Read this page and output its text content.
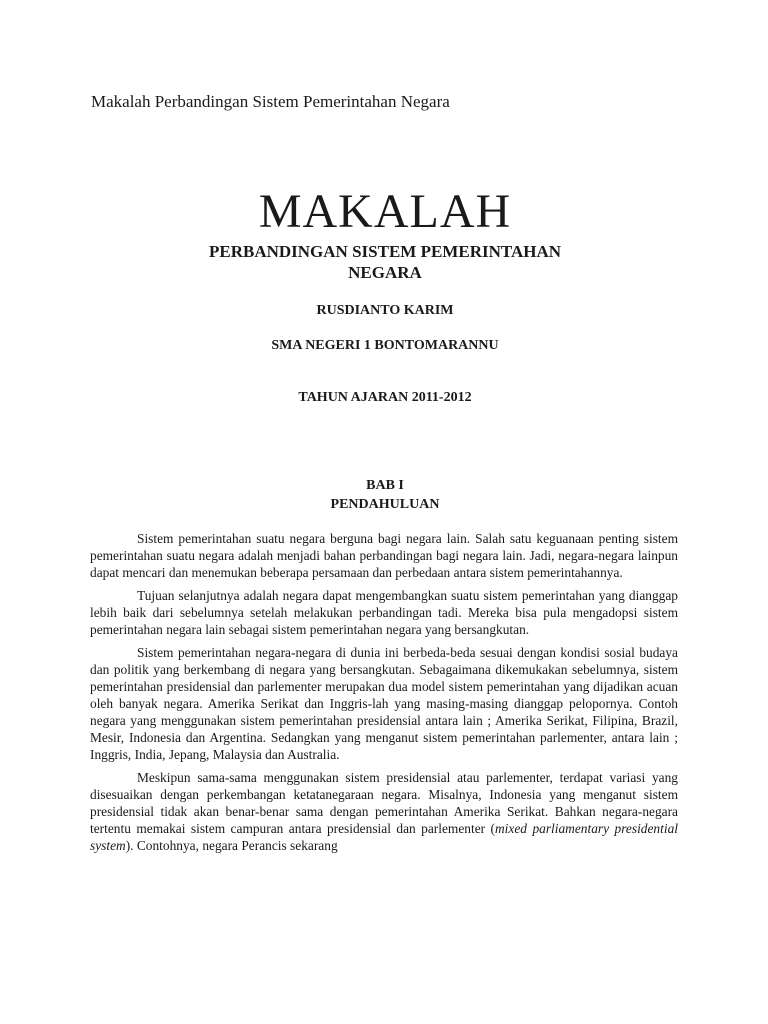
Makalah Perbandingan Sistem Pemerintahan Negara
MAKALAH
PERBANDINGAN SISTEM PEMERINTAHAN
NEGARA
RUSDIANTO KARIM
SMA NEGERI 1 BONTOMARANNU
TAHUN AJARAN 2011-2012
BAB I
PENDAHULUAN

Sistem pemerintahan suatu negara berguna bagi negara lain. Salah satu keguanaan penting sistem pemerintahan suatu negara adalah menjadi bahan perbandingan bagi negara lain. Jadi, negara-negara lainpun dapat mencari dan menemukan beberapa persamaan dan perbedaan antara sistem pemerintahannya.

Tujuan selanjutnya adalah negara dapat mengembangkan suatu sistem pemerintahan yang dianggap lebih baik dari sebelumnya setelah melakukan perbandingan tadi. Mereka bisa pula mengadopsi sistem pemerintahan negara lain sebagai sistem pemerintahan negara yang bersangkutan.

Sistem pemerintahan negara-negara di dunia ini berbeda-beda sesuai dengan kondisi sosial budaya dan politik yang berkembang di negara yang bersangkutan. Sebagaimana dikemukakan sebelumnya, sistem pemerintahan presidensial dan parlementer merupakan dua model sistem pemerintahan yang dijadikan acuan oleh banyak negara. Amerika Serikat dan Inggris-lah yang masing-masing dianggap pelopornya. Contoh negara yang menggunakan sistem pemerintahan presidensial antara lain ; Amerika Serikat, Filipina, Brazil, Mesir, Indonesia dan Argentina. Sedangkan yang menganut sistem pemerintahan parlementer, antara lain ; Inggris, India, Jepang, Malaysia dan Australia.

Meskipun sama-sama menggunakan sistem presidensial atau parlementer, terdapat variasi yang disesuaikan dengan perkembangan ketatanegaraan negara. Misalnya, Indonesia yang menganut sistem presidensial tidak akan benar-benar sama dengan pemerintahan Amerika Serikat. Bahkan negara-negara tertentu memakai sistem campuran antara presidensial dan parlementer (mixed parliamentary presidential system). Contohnya, negara Perancis sekarang
